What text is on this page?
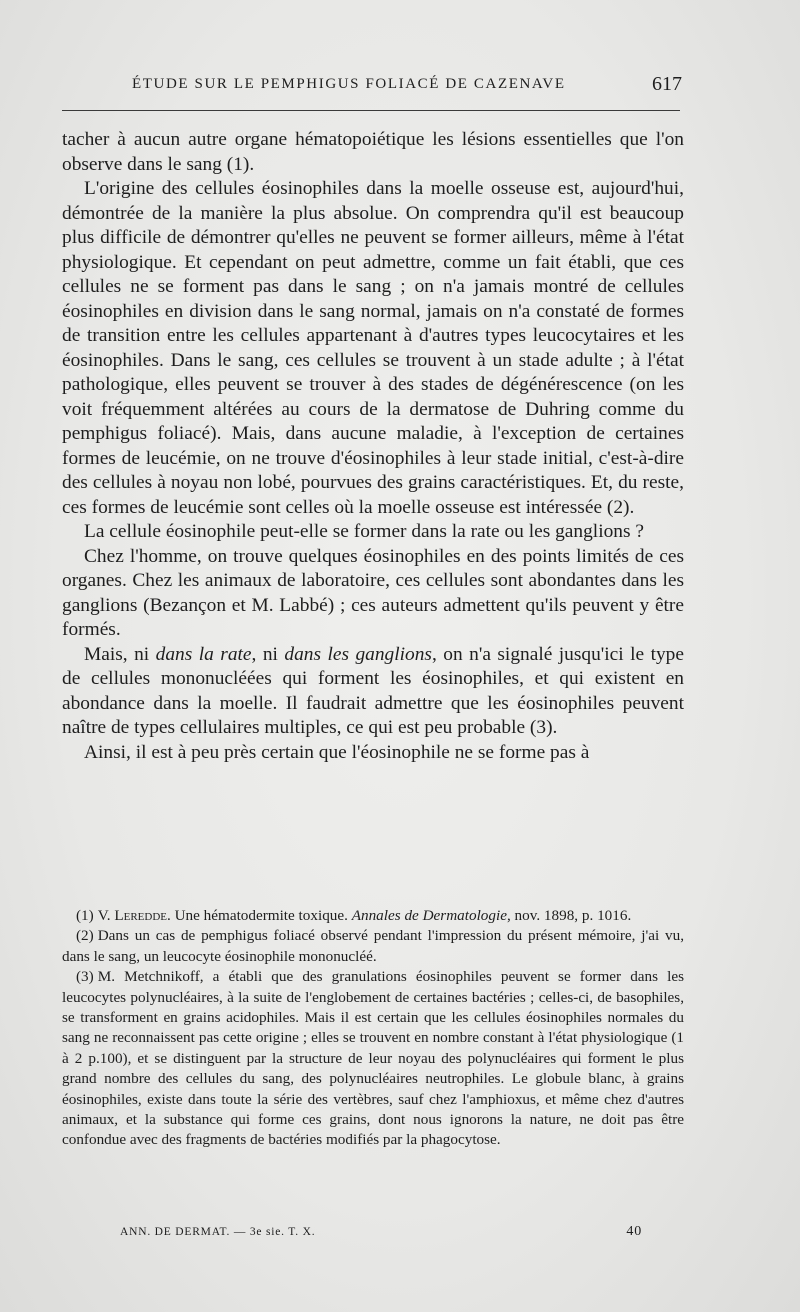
ÉTUDE SUR LE PEMPHIGUS FOLIACÉ DE CAZENAVE	617

tacher à aucun autre organe hématopoiétique les lésions essentielles que l'on observe dans le sang (1).

L'origine des cellules éosinophiles dans la moelle osseuse est, aujourd'hui, démontrée de la manière la plus absolue. On comprendra qu'il est beaucoup plus difficile de démontrer qu'elles ne peuvent se former ailleurs, même à l'état physiologique. Et cependant on peut admettre, comme un fait établi, que ces cellules ne se forment pas dans le sang ; on n'a jamais montré de cellules éosinophiles en division dans le sang normal, jamais on n'a constaté de formes de transition entre les cellules appartenant à d'autres types leucocytaires et les éosinophiles. Dans le sang, ces cellules se trouvent à un stade adulte ; à l'état pathologique, elles peuvent se trouver à des stades de dégénérescence (on les voit fréquemment altérées au cours de la dermatose de Duhring comme du pemphigus foliacé). Mais, dans aucune maladie, à l'exception de certaines formes de leucémie, on ne trouve d'éosinophiles à leur stade initial, c'est-à-dire des cellules à noyau non lobé, pourvues des grains caractéristiques. Et, du reste, ces formes de leucémie sont celles où la moelle osseuse est intéressée (2).

La cellule éosinophile peut-elle se former dans la rate ou les ganglions ?

Chez l'homme, on trouve quelques éosinophiles en des points limités de ces organes. Chez les animaux de laboratoire, ces cellules sont abondantes dans les ganglions (Bezançon et M. Labbé) ; ces auteurs admettent qu'ils peuvent y être formés.

Mais, ni dans la rate, ni dans les ganglions, on n'a signalé jusqu'ici le type de cellules mononucléées qui forment les éosinophiles, et qui existent en abondance dans la moelle. Il faudrait admettre que les éosinophiles peuvent naître de types cellulaires multiples, ce qui est peu probable (3).

Ainsi, il est à peu près certain que l'éosinophile ne se forme pas à

(1) V. Leredde. Une hématodermite toxique. Annales de Dermatologie, nov. 1898, p. 1016.

(2) Dans un cas de pemphigus foliacé observé pendant l'impression du présent mémoire, j'ai vu, dans le sang, un leucocyte éosinophile mononucléé.

(3) M. Metchnikoff, a établi que des granulations éosinophiles peuvent se former dans les leucocytes polynucléaires, à la suite de l'englobement de certaines bactéries ; celles-ci, de basophiles, se transforment en grains acidophiles. Mais il est certain que les cellules éosinophiles normales du sang ne reconnaissent pas cette origine ; elles se trouvent en nombre constant à l'état physiologique (1 à 2 p.100), et se distinguent par la structure de leur noyau des polynucléaires qui forment le plus grand nombre des cellules du sang, des polynucléaires neutrophiles. Le globule blanc, à grains éosinophiles, existe dans toute la série des vertèbres, sauf chez l'amphioxus, et même chez d'autres animaux, et la substance qui forme ces grains, dont nous ignorons la nature, ne doit pas être confondue avec des fragments de bactéries modifiés par la phagocytose.

ANN. DE DERMAT. — 3e sie. T. X.	40
